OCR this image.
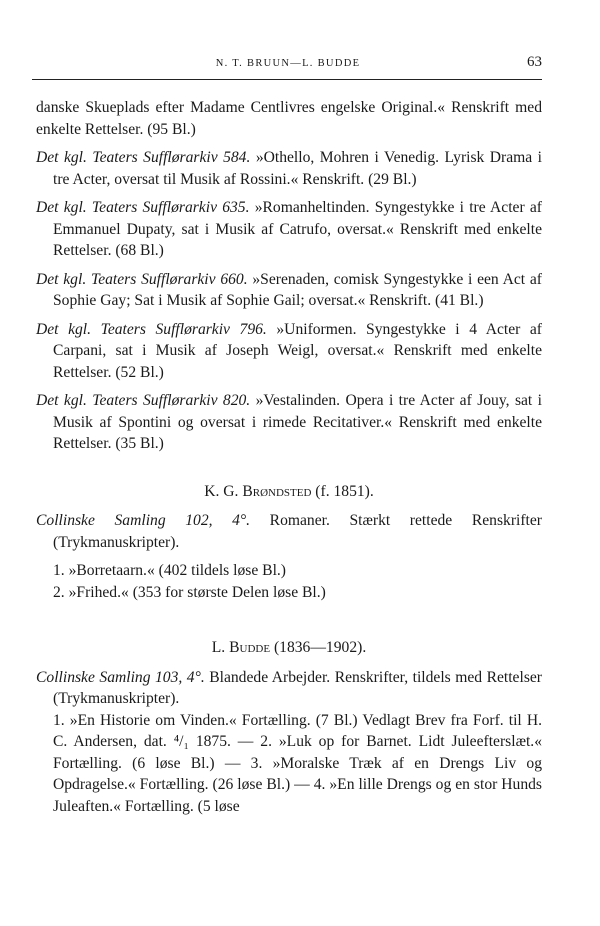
N. T. BRUUN—L. BUDDE	63

danske Skueplads efter Madame Centlivres engelske Original.« Renskrift med enkelte Rettelser. (95 Bl.)

Det kgl. Teaters Sufflørarkiv 584. »Othello, Mohren i Venedig. Lyrisk Drama i tre Acter, oversat til Musik af Rossini.« Renskrift. (29 Bl.)

Det kgl. Teaters Sufflørarkiv 635. »Romanheltinden. Syngestykke i tre Acter af Emmanuel Dupaty, sat i Musik af Catrufo, oversat.« Renskrift med enkelte Rettelser. (68 Bl.)

Det kgl. Teaters Sufflørarkiv 660. »Serenaden, comisk Syngestykke i een Act af Sophie Gay; Sat i Musik af Sophie Gail; oversat.« Renskrift. (41 Bl.)

Det kgl. Teaters Sufflørarkiv 796. »Uniformen. Syngestykke i 4 Acter af Carpani, sat i Musik af Joseph Weigl, oversat.« Renskrift med enkelte Rettelser. (52 Bl.)

Det kgl. Teaters Sufflørarkiv 820. »Vestalinden. Opera i tre Acter af Jouy, sat i Musik af Spontini og oversat i rimede Recitativer.« Renskrift med enkelte Rettelser. (35 Bl.)

K. G. Brøndsted (f. 1851).

Collinske Samling 102, 4°. Romaner. Stærkt rettede Renskrifter (Trykmanuskripter).

1. »Borretaarn.« (402 tildels løse Bl.)

2. »Frihed.« (353 for største Delen løse Bl.)

L. Budde (1836—1902).

Collinske Samling 103, 4°. Blandede Arbejder. Renskrifter, tildels med Rettelser (Trykmanuskripter).

1. »En Historie om Vinden.« Fortælling. (7 Bl.) Vedlagt Brev fra Forf. til H. C. Andersen, dat. ⁴/₁ 1875. — 2. »Luk op for Barnet. Lidt Juleefterslæt.« Fortælling. (6 løse Bl.) — 3. »Moralske Træk af en Drengs Liv og Opdragelse.« Fortælling. (26 løse Bl.) — 4. »En lille Drengs og en stor Hunds Juleaften.« Fortælling. (5 løse
